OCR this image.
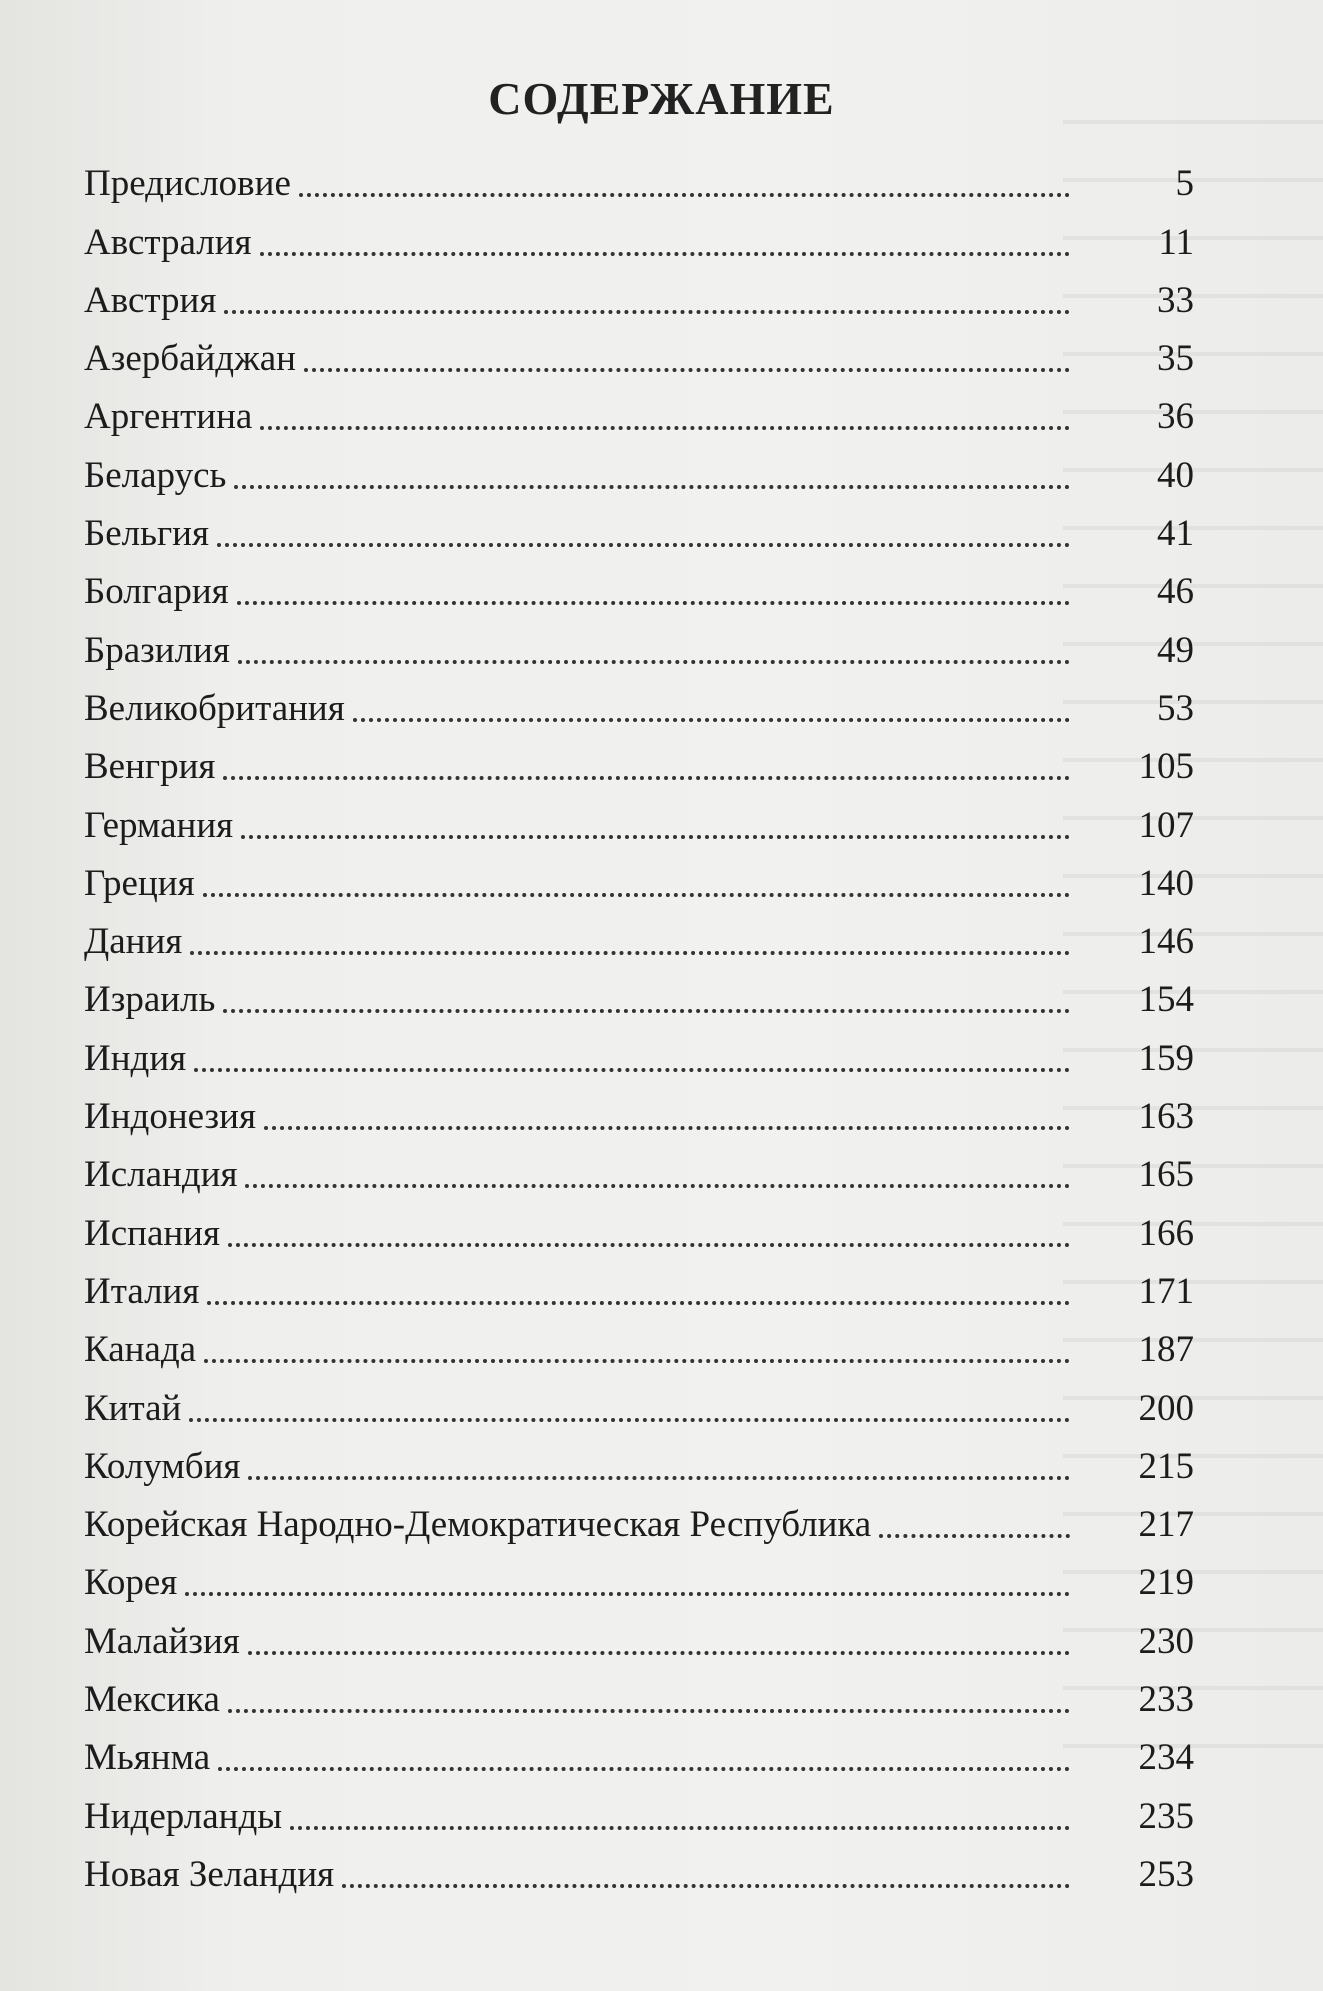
СОДЕРЖАНИЕ
Предисловие	5
Австралия	11
Австрия	33
Азербайджан	35
Аргентина	36
Беларусь	40
Бельгия	41
Болгария	46
Бразилия	49
Великобритания	53
Венгрия	105
Германия	107
Греция	140
Дания	146
Израиль	154
Индия	159
Индонезия	163
Исландия	165
Испания	166
Италия	171
Канада	187
Китай	200
Колумбия	215
Корейская Народно-Демократическая Республика	217
Корея	219
Малайзия	230
Мексика	233
Мьянма	234
Нидерланды	235
Новая Зеландия	253
